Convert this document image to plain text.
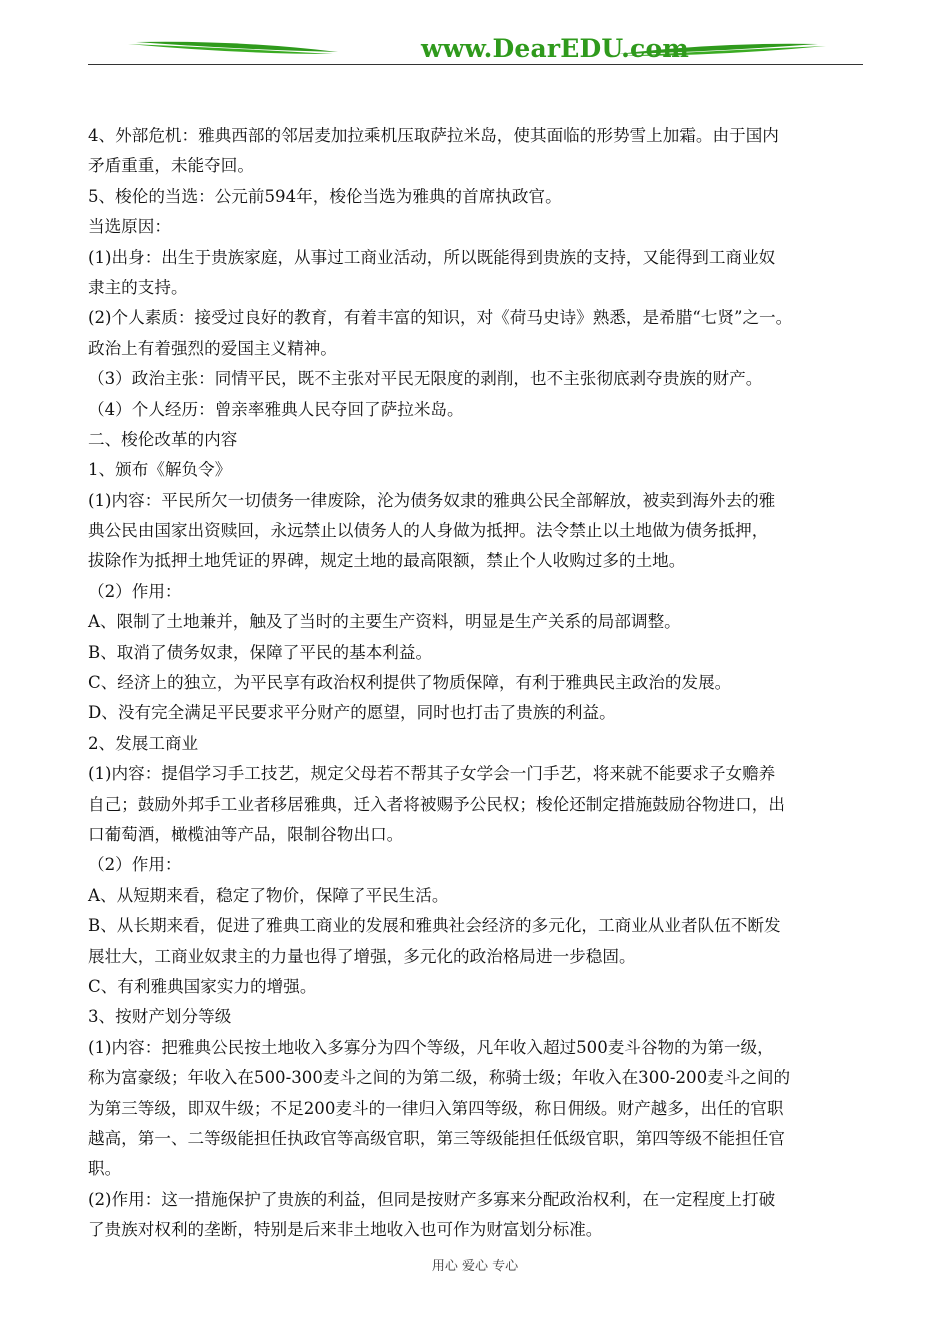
www.DearEDU.com
4、外部危机：雅典西部的邻居麦加拉乘机压取萨拉米岛，使其面临的形势雪上加霜。由于国内
矛盾重重，未能夺回。
5、梭伦的当选：公元前594年，梭伦当选为雅典的首席执政官。
当选原因：
(1)出身：出生于贵族家庭，从事过工商业活动，所以既能得到贵族的支持，又能得到工商业奴
隶主的支持。
(2)个人素质：接受过良好的教育，有着丰富的知识，对《荷马史诗》熟悉，是希腊“七贤”之一。
政治上有着强烈的爱国主义精神。
（3）政治主张：同情平民，既不主张对平民无限度的剥削，也不主张彻底剥夺贵族的财产。
（4）个人经历：曾亲率雅典人民夺回了萨拉米岛。
二、梭伦改革的内容
1、颁布《解负令》
(1)内容：平民所欠一切债务一律废除，沦为债务奴隶的雅典公民全部解放，被卖到海外去的雅
典公民由国家出资赎回，永远禁止以债务人的人身做为抵押。法令禁止以土地做为债务抵押，
拔除作为抵押土地凭证的界碑，规定土地的最高限额，禁止个人收购过多的土地。
（2）作用：
A、限制了土地兼并，触及了当时的主要生产资料，明显是生产关系的局部调整。
B、取消了债务奴隶，保障了平民的基本利益。
C、经济上的独立，为平民享有政治权利提供了物质保障，有利于雅典民主政治的发展。
D、没有完全满足平民要求平分财产的愿望，同时也打击了贵族的利益。
2、发展工商业
(1)内容：提倡学习手工技艺，规定父母若不帮其子女学会一门手艺，将来就不能要求子女赡养
自己；鼓励外邦手工业者移居雅典，迁入者将被赐予公民权；梭伦还制定措施鼓励谷物进口，出
口葡萄酒，橄榄油等产品，限制谷物出口。
（2）作用：
A、从短期来看，稳定了物价，保障了平民生活。
B、从长期来看，促进了雅典工商业的发展和雅典社会经济的多元化，工商业从业者队伍不断发
展壮大，工商业奴隶主的力量也得了增强，多元化的政治格局进一步稳固。
C、有利雅典国家实力的增强。
3、按财产划分等级
(1)内容：把雅典公民按土地收入多寡分为四个等级，凡年收入超过500麦斗谷物的为第一级，
称为富豪级；年收入在500-300麦斗之间的为第二级，称骑士级；年收入在300-200麦斗之间的
为第三等级，即双牛级；不足200麦斗的一律归入第四等级，称日佣级。财产越多，出任的官职
越高，第一、二等级能担任执政官等高级官职，第三等级能担任低级官职，第四等级不能担任官
职。
(2)作用：这一措施保护了贵族的利益，但同是按财产多寡来分配政治权利，在一定程度上打破
了贵族对权利的垄断，特别是后来非土地收入也可作为财富划分标准。
用心 爱心 专心
